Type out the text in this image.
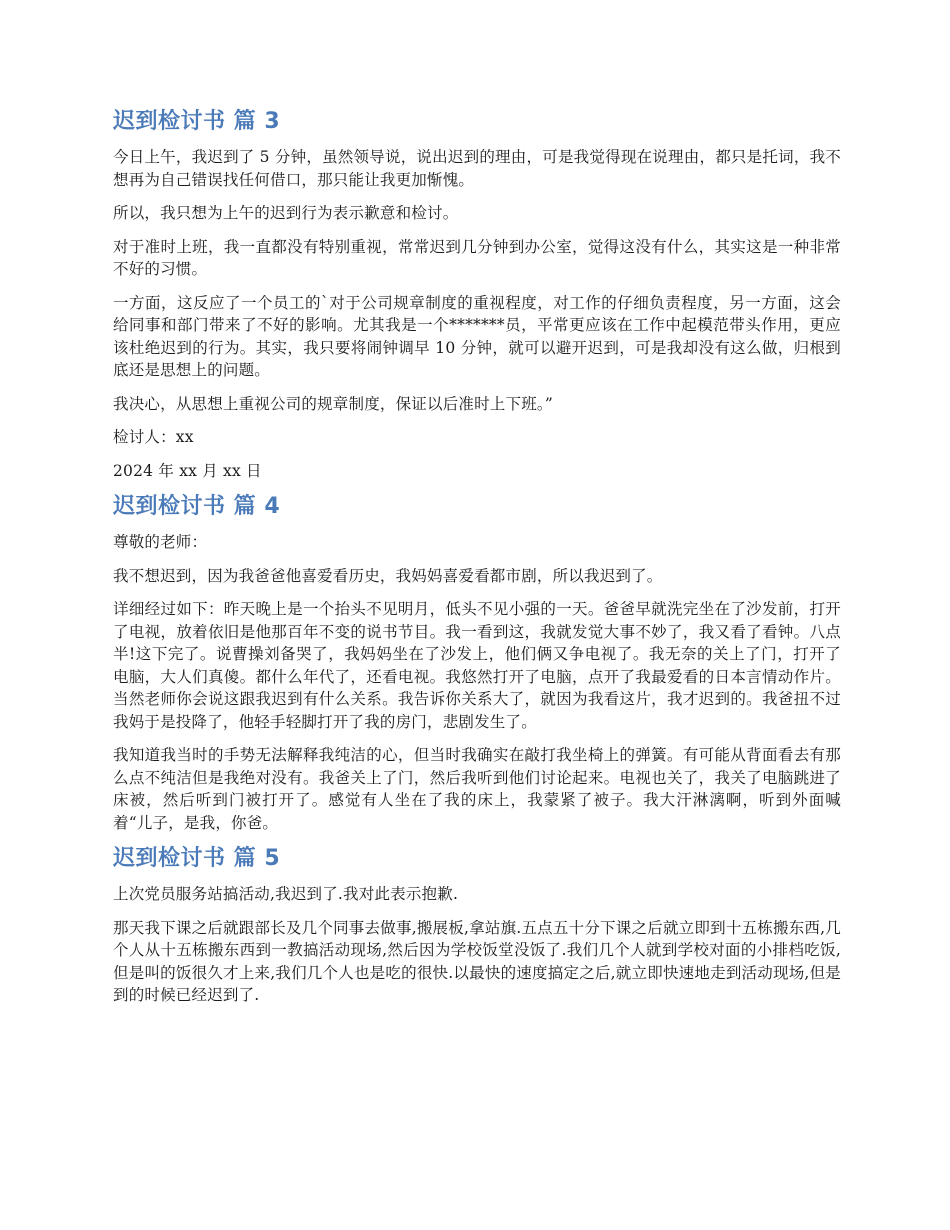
迟到检讨书 篇 3

今日上午，我迟到了 5 分钟，虽然领导说，说出迟到的理由，可是我觉得现在说理由，都只是托词，我不想再为自己错误找任何借口，那只能让我更加惭愧。

所以，我只想为上午的迟到行为表示歉意和检讨。

对于准时上班，我一直都没有特别重视，常常迟到几分钟到办公室，觉得这没有什么，其实这是一种非常不好的习惯。

一方面，这反应了一个员工的`对于公司规章制度的重视程度，对工作的仔细负责程度，另一方面，这会给同事和部门带来了不好的影响。尤其我是一个*******员，平常更应该在工作中起模范带头作用，更应该杜绝迟到的行为。其实，我只要将闹钟调早 10 分钟，就可以避开迟到，可是我却没有这么做，归根到底还是思想上的问题。

我决心，从思想上重视公司的规章制度，保证以后准时上下班。”

检讨人：xx

2024 年 xx 月 xx 日

迟到检讨书 篇 4

尊敬的老师：

我不想迟到，因为我爸爸他喜爱看历史，我妈妈喜爱看都市剧，所以我迟到了。

详细经过如下：昨天晚上是一个抬头不见明月，低头不见小强的一天。爸爸早就洗完坐在了沙发前，打开了电视，放着依旧是他那百年不变的说书节目。我一看到这，我就发觉大事不妙了，我又看了看钟。八点半!这下完了。说曹操刘备哭了，我妈妈坐在了沙发上，他们俩又争电视了。我无奈的关上了门，打开了电脑，大人们真傻。都什么年代了，还看电视。我悠然打开了电脑，点开了我最爱看的日本言情动作片。当然老师你会说这跟我迟到有什么关系。我告诉你关系大了，就因为我看这片，我才迟到的。我爸扭不过我妈于是投降了，他轻手轻脚打开了我的房门，悲剧发生了。

我知道我当时的手势无法解释我纯洁的心，但当时我确实在敲打我坐椅上的弹簧。有可能从背面看去有那么点不纯洁但是我绝对没有。我爸关上了门，然后我听到他们讨论起来。电视也关了，我关了电脑跳进了床被，然后听到门被打开了。感觉有人坐在了我的床上，我蒙紧了被子。我大汗淋漓啊，听到外面喊着“儿子，是我，你爸。

迟到检讨书 篇 5

上次党员服务站搞活动,我迟到了.我对此表示抱歉.

那天我下课之后就跟部长及几个同事去做事,搬展板,拿站旗.五点五十分下课之后就立即到十五栋搬东西,几个人从十五栋搬东西到一教搞活动现场,然后因为学校饭堂没饭了.我们几个人就到学校对面的小排档吃饭,但是叫的饭很久才上来,我们几个人也是吃的很快.以最快的速度搞定之后,就立即快速地走到活动现场,但是到的时候已经迟到了.
